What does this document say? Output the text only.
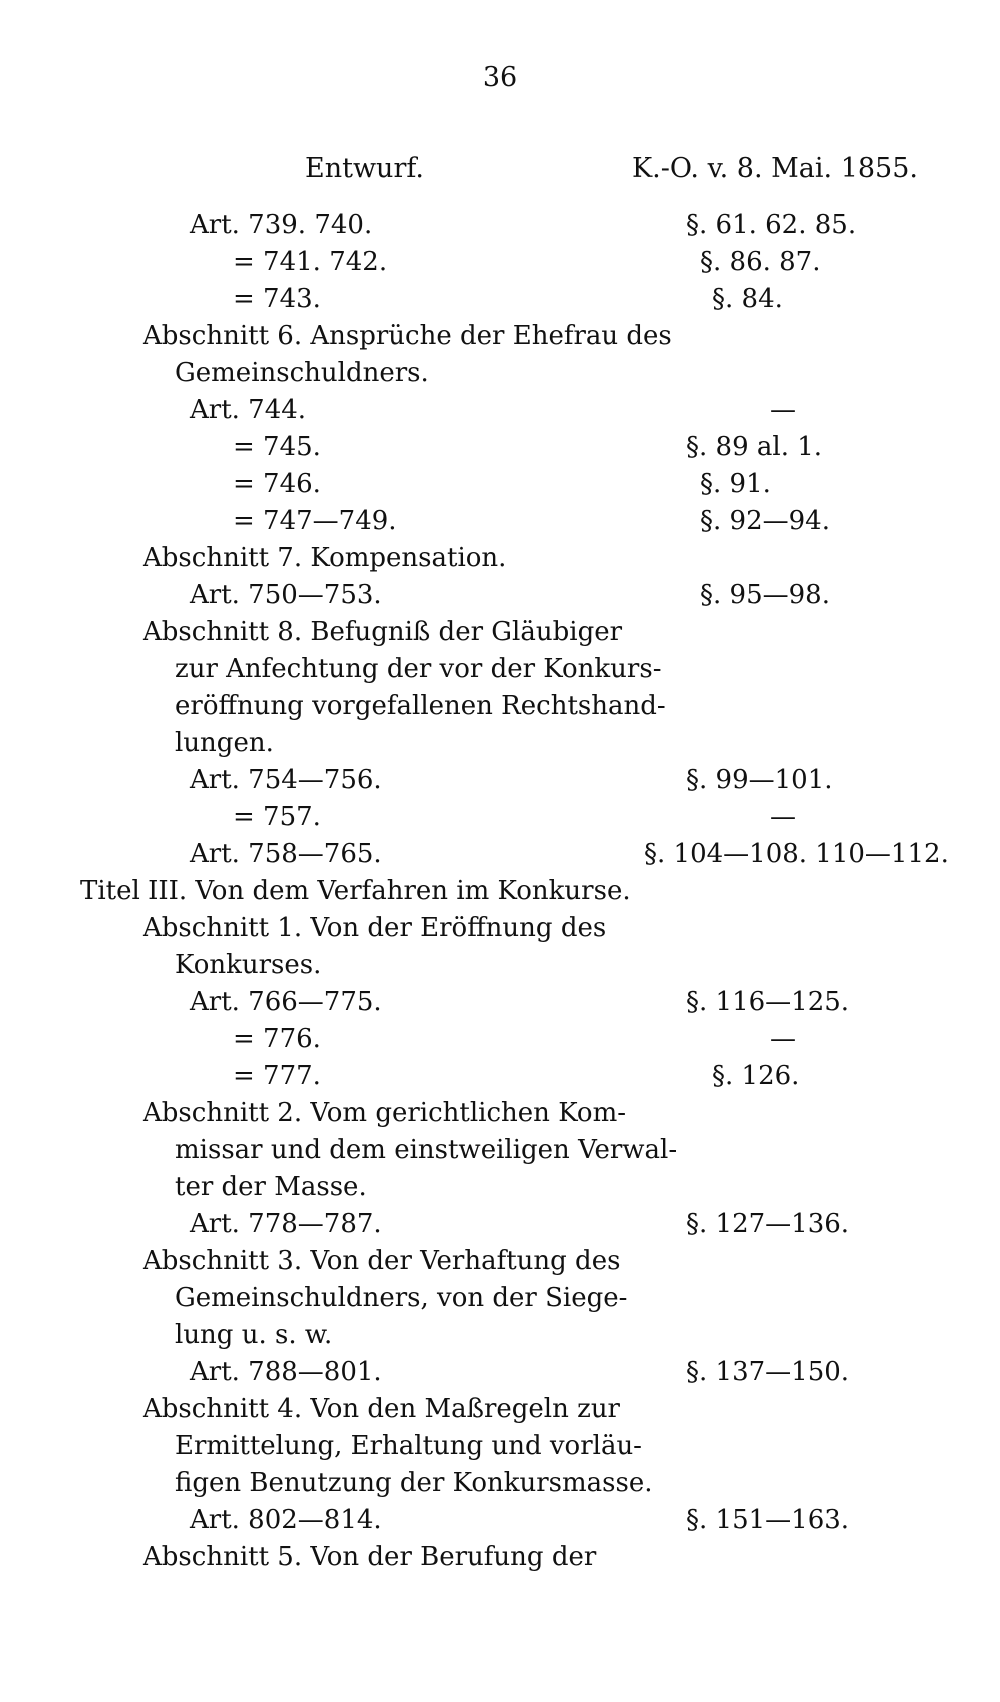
36
Entwurf.	K.-O. v. 8. Mai. 1855.
Art. 739. 740.	§. 61. 62. 85.
= 741. 742.	§. 86. 87.
= 743.	§. 84.
Abschnitt 6. Ansprüche der Ehefrau des
Gemeinschuldners.
Art. 744.	—
= 745.	§. 89 al. 1.
= 746.	§. 91.
= 747—749.	§. 92—94.
Abschnitt 7. Kompensation.
Art. 750—753.	§. 95—98.
Abschnitt 8. Befugniß der Gläubiger
zur Anfechtung der vor der Konkurs-
eröffnung vorgefallenen Rechtshand-
lungen.
Art. 754—756.	§. 99—101.
= 757.	—
Art. 758—765.	§. 104—108. 110—112.
Titel III. Von dem Verfahren im Konkurse.
Abschnitt 1. Von der Eröffnung des
Konkurses.
Art. 766—775.	§. 116—125.
= 776.	—
= 777.	§. 126.
Abschnitt 2. Vom gerichtlichen Kom-
missar und dem einstweiligen Verwal-
ter der Masse.
Art. 778—787.	§. 127—136.
Abschnitt 3. Von der Verhaftung des
Gemeinschuldners, von der Siege-
lung u. s. w.
Art. 788—801.	§. 137—150.
Abschnitt 4. Von den Maßregeln zur
Ermittelung, Erhaltung und vorläu-
figen Benutzung der Konkursmasse.
Art. 802—814.	§. 151—163.
Abschnitt 5. Von der Berufung der
